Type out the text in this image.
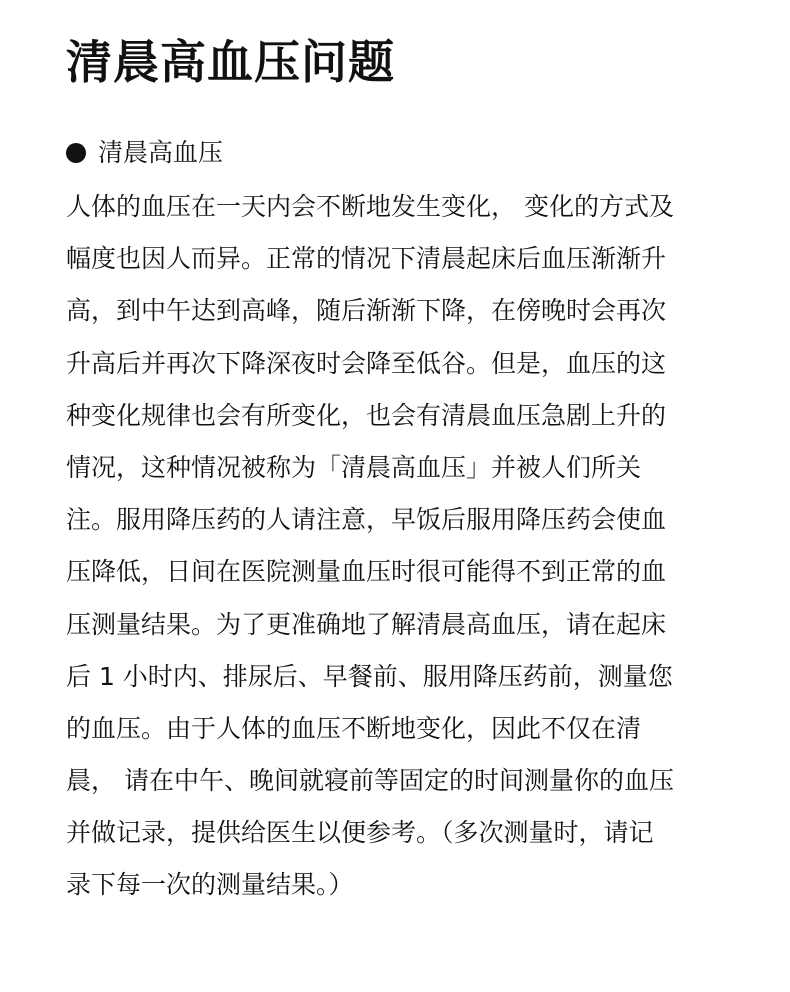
清晨高血压问题
清晨高血压
人体的血压在一天内会不断地发生变化， 变化的方式及
幅度也因人而异。正常的情况下清晨起床后血压渐渐升
高，到中午达到高峰，随后渐渐下降，在傍晚时会再次
升高后并再次下降深夜时会降至低谷。但是，血压的这
种变化规律也会有所变化，也会有清晨血压急剧上升的
情况，这种情况被称为「清晨高血压」并被人们所关
注。服用降压药的人请注意，早饭后服用降压药会使血
压降低，日间在医院测量血压时很可能得不到正常的血
压测量结果。为了更准确地了解清晨高血压，请在起床
后 1 小时内、排尿后、早餐前、服用降压药前，测量您
的血压。由于人体的血压不断地变化，因此不仅在清
晨， 请在中午、晚间就寝前等固定的时间测量你的血压
并做记录，提供给医生以便参考。（多次测量时，请记
录下每一次的测量结果。）
